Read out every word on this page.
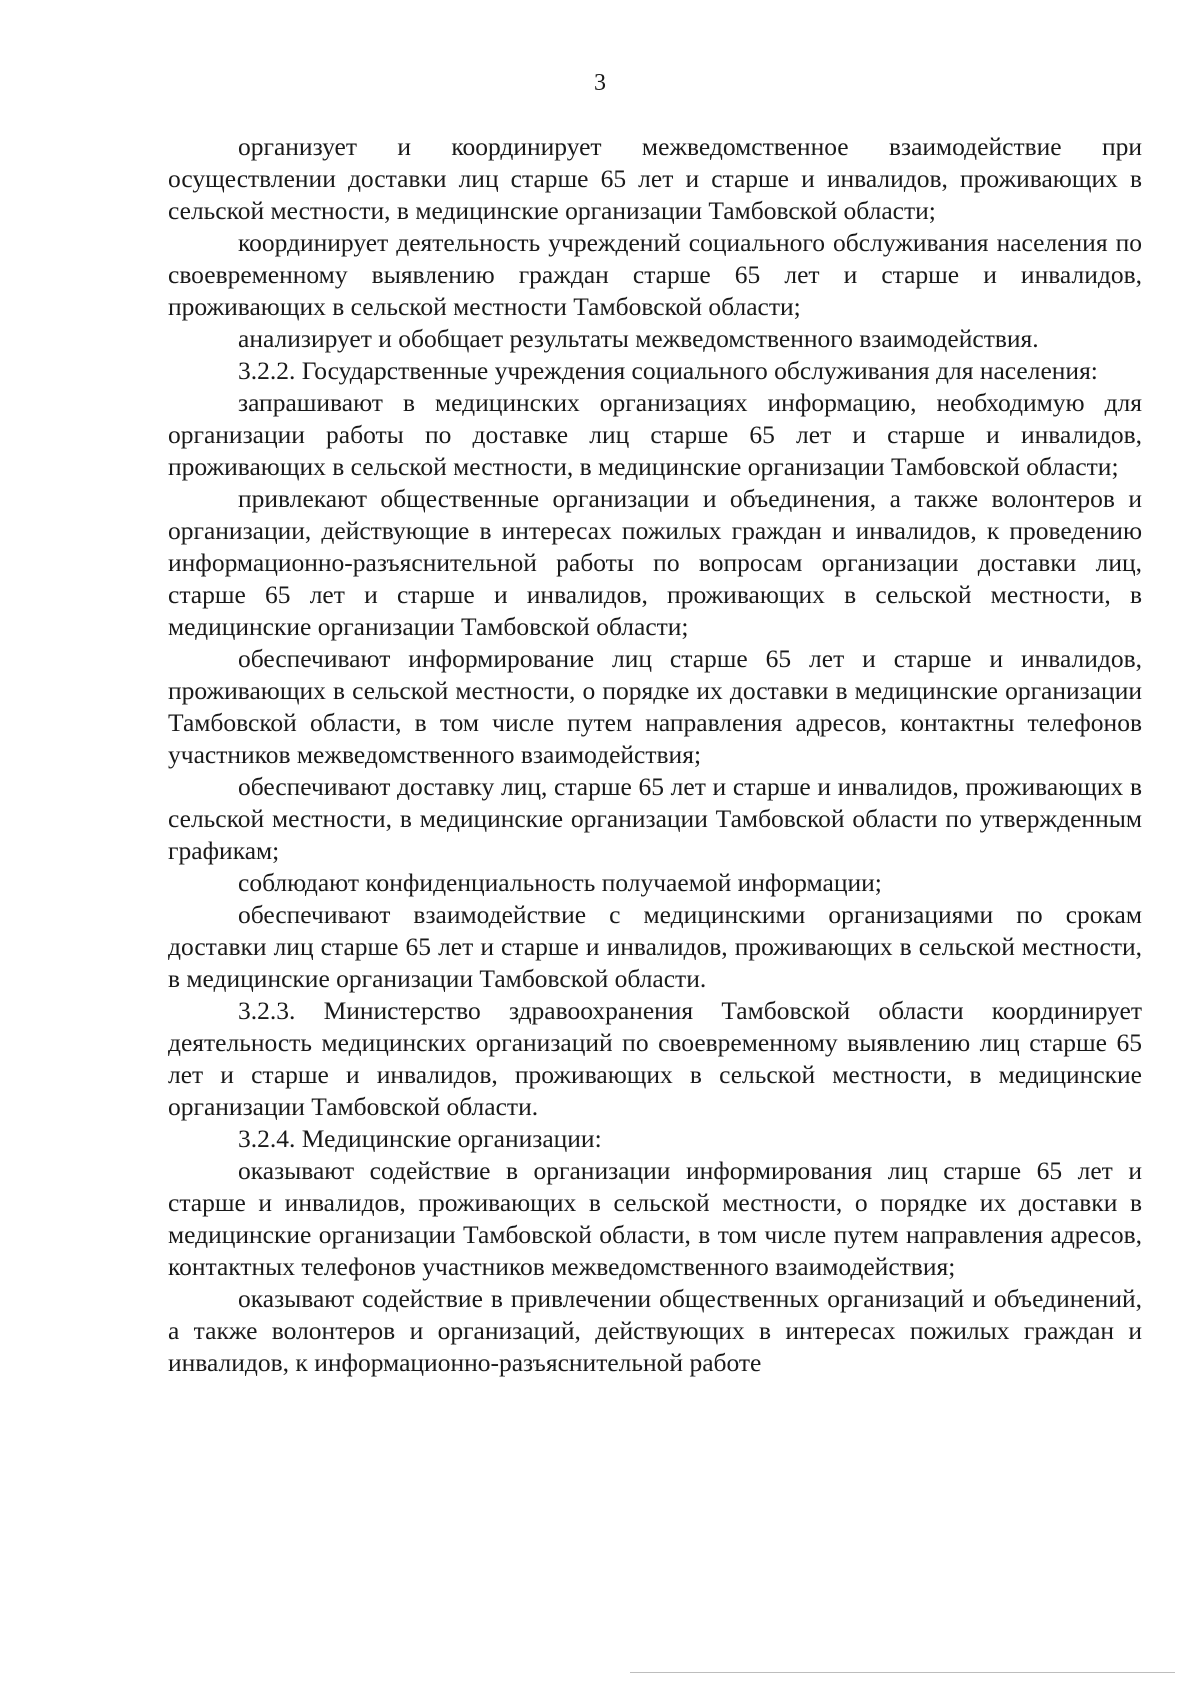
3

организует и координирует межведомственное взаимодействие при осуществлении доставки лиц старше 65 лет и старше и инвалидов, проживающих в сельской местности, в медицинские организации Тамбовской области;

координирует деятельность учреждений социального обслуживания населения по своевременному выявлению граждан старше 65 лет и старше и инвалидов, проживающих в сельской местности Тамбовской области;

анализирует и обобщает результаты межведомственного взаимодействия.

3.2.2. Государственные учреждения социального обслуживания для населения:

запрашивают в медицинских организациях информацию, необходимую для организации работы по доставке лиц старше 65 лет и старше и инвалидов, проживающих в сельской местности, в медицинские организации Тамбовской области;

привлекают общественные организации и объединения, а также волонтеров и организации, действующие в интересах пожилых граждан и инвалидов, к проведению информационно-разъяснительной работы по вопросам организации доставки лиц, старше 65 лет и старше и инвалидов, проживающих в сельской местности, в медицинские организации Тамбовской области;

обеспечивают информирование лиц старше 65 лет и старше и инвалидов, проживающих в сельской местности, о порядке их доставки в медицинские организации Тамбовской области, в том числе путем направления адресов, контактны телефонов участников межведомственного взаимодействия;

обеспечивают доставку лиц, старше 65 лет и старше и инвалидов, проживающих в сельской местности, в медицинские организации Тамбовской области по утвержденным графикам;

соблюдают конфиденциальность получаемой информации;

обеспечивают взаимодействие с медицинскими организациями по срокам доставки лиц старше 65 лет и старше и инвалидов, проживающих в сельской местности, в медицинские организации Тамбовской области.

3.2.3. Министерство здравоохранения Тамбовской области координирует деятельность медицинских организаций по своевременному выявлению лиц старше 65 лет и старше и инвалидов, проживающих в сельской местности, в медицинские организации Тамбовской области.

3.2.4. Медицинские организации:

оказывают содействие в организации информирования лиц старше 65 лет и старше и инвалидов, проживающих в сельской местности, о порядке их доставки в медицинские организации Тамбовской области, в том числе путем направления адресов, контактных телефонов участников межведомственного взаимодействия;

оказывают содействие в привлечении общественных организаций и объединений, а также волонтеров и организаций, действующих в интересах пожилых граждан и инвалидов, к информационно-разъяснительной работе
